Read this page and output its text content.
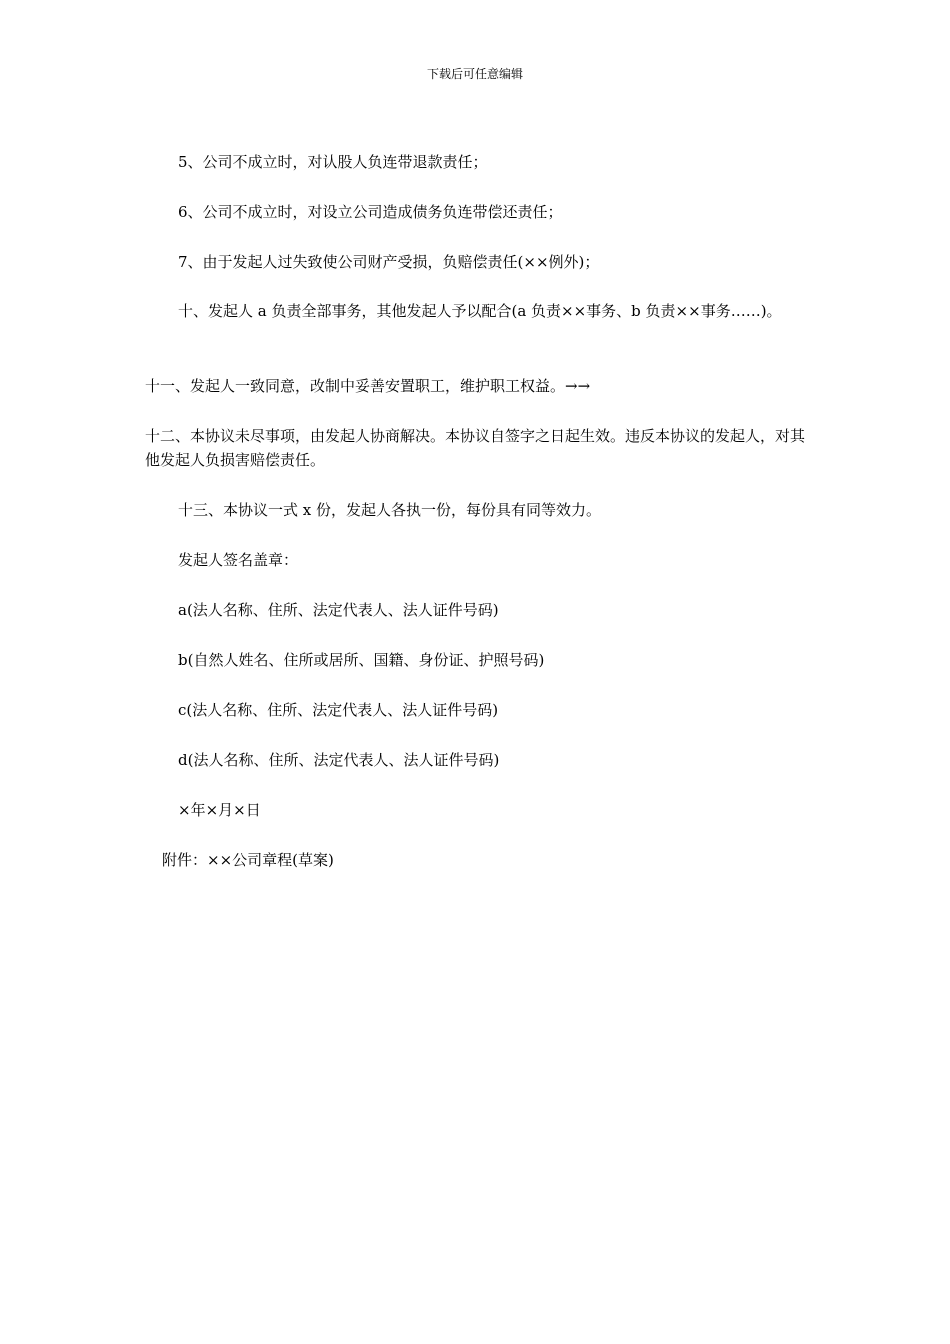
下载后可任意编辑
5、公司不成立时，对认股人负连带退款责任；
6、公司不成立时，对设立公司造成债务负连带偿还责任；
7、由于发起人过失致使公司财产受损，负赔偿责任(××例外)；
十、发起人 a 负责全部事务，其他发起人予以配合(a 负责××事务、b 负责××事务……)。
十一、发起人一致同意，改制中妥善安置职工，维护职工权益。→→
十二、本协议未尽事项，由发起人协商解决。本协议自签字之日起生效。违反本协议的发起人，对其他发起人负损害赔偿责任。
十三、本协议一式 x 份，发起人各执一份，每份具有同等效力。
发起人签名盖章：
a(法人名称、住所、法定代表人、法人证件号码)
b(自然人姓名、住所或居所、国籍、身份证、护照号码)
c(法人名称、住所、法定代表人、法人证件号码)
d(法人名称、住所、法定代表人、法人证件号码)
×年×月×日
附件：××公司章程(草案)
